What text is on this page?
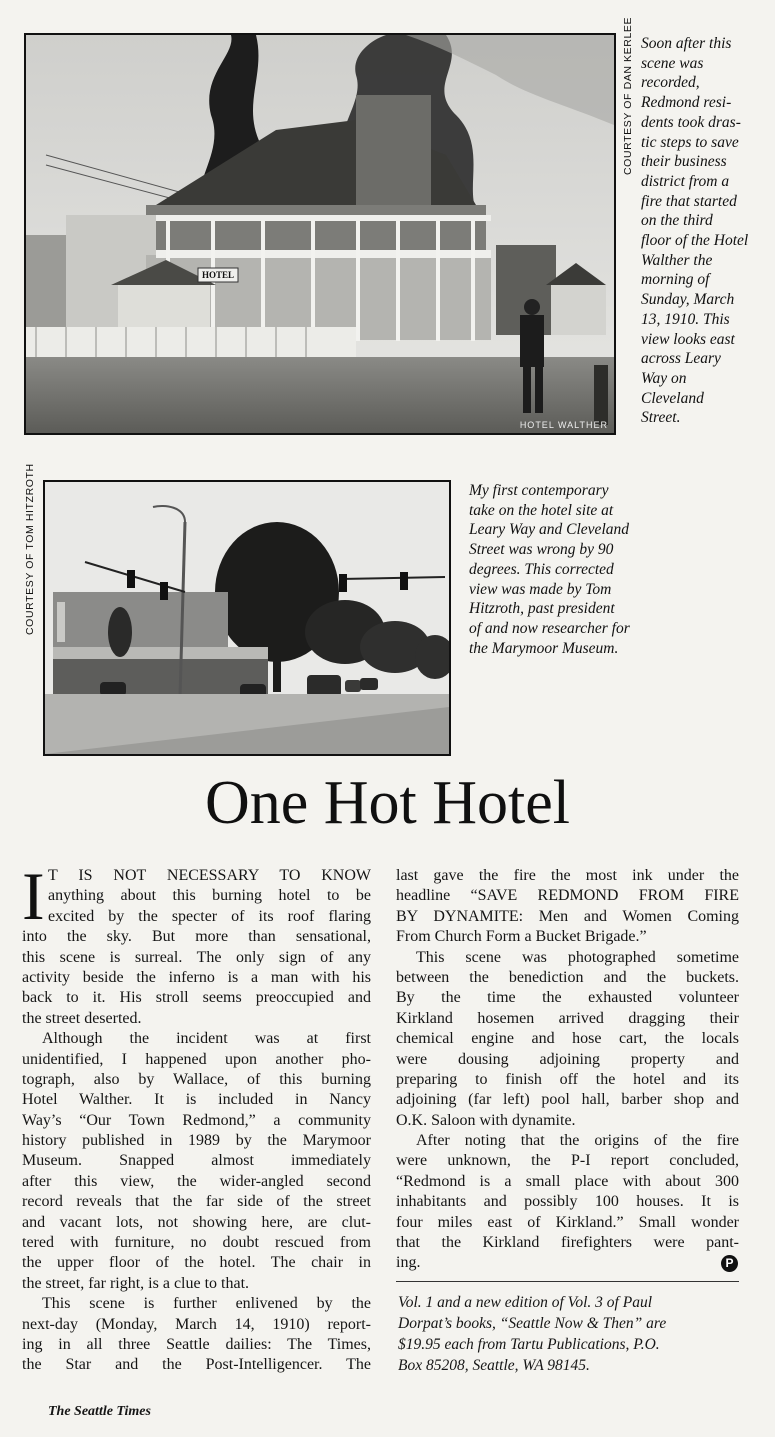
HOTEL
HOTEL WALTHER
COURTESY OF DAN KERLEE Soon after this
scene was
recorded,
Redmond resi-
dents took dras-
tic steps to save
their business
district from a
fire that started
on the third
floor of the Hotel
Walther the
morning of
Sunday, March
13, 1910. This
view looks east
across Leary
Way on
Cleveland
Street.
COURTESY OF TOM HITZROTH	My first contemporary
take on the hotel site at
Leary Way and Cleveland
Street was wrong by 90
degrees. This corrected
view was made by Tom
Hitzroth, past president
of and now researcher for
the Marymoor Museum.
One Hot Hotel
I T IS NOT NECESSARY TO KNOW
anything about this burning hotel to be
excited by the specter of its roof flaring
into the sky. But more than sensational,
this scene is surreal. The only sign of any
activity beside the inferno is a man with his
back to it. His stroll seems preoccupied and
the street deserted.
Although the incident was at first
unidentified, I happened upon another pho-
tograph, also by Wallace, of this burning
Hotel Walther. It is included in Nancy
Way’s “Our Town Redmond,” a community
history published in 1989 by the Marymoor
Museum. Snapped almost immediately
after this view, the wider-angled second
record reveals that the far side of the street
and vacant lots, not showing here, are clut-
tered with furniture, no doubt rescued from
the upper floor of the hotel. The chair in
the street, far right, is a clue to that.
This scene is further enlivened by the
next-day (Monday, March 14, 1910) report-
ing in all three Seattle dailies: The Times,
the Star and the Post-Intelligencer. The
last gave the fire the most ink under the
headline “SAVE REDMOND FROM FIRE
BY DYNAMITE: Men and Women Coming
From Church Form a Bucket Brigade.”
This scene was photographed sometime
between the benediction and the buckets.
By the time the exhausted volunteer
Kirkland hosemen arrived dragging their
chemical engine and hose cart, the locals
were dousing adjoining property and
preparing to finish off the hotel and its
adjoining (far left) pool hall, barber shop and
O.K. Saloon with dynamite.
After noting that the origins of the fire
were unknown, the P-I report concluded,
“Redmond is a small place with about 300
inhabitants and possibly 100 houses. It is
four miles east of Kirkland.” Small wonder
that the Kirkland firefighters were pant-
ing.	P
Vol. 1 and a new edition of Vol. 3 of Paul
Dorpat’s books, “Seattle Now & Then” are
$19.95 each from Tartu Publications, P.O.
Box 85208, Seattle, WA 98145.
The Seattle Times
